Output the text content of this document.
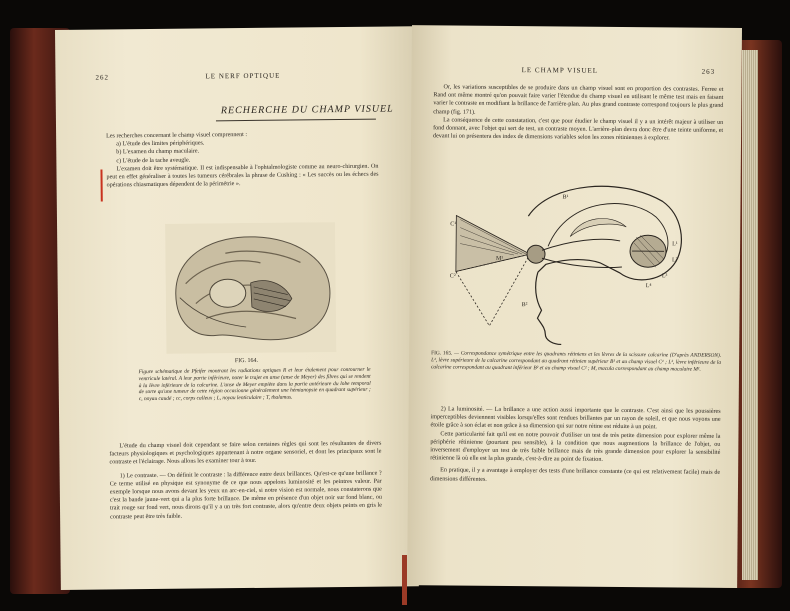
262	LE NERF OPTIQUE
RECHERCHE DU CHAMP VISUEL

Les recherches concernant le champ visuel comprennent :

a) L'étude des limites périphériques.

b) L'examen du champ maculaire.

c) L'étude de la tache aveugle.

L'examen doit être systématique. Il est indispensable à l'ophtalmologiste comme au neuro-chirurgien. On peut en effet généraliser à toutes les tumeurs cérébrales la phrase de Cushing : « Les succès ou les échecs des opérations chiasmatiques dépendent de la périmétrie ».

FIG. 164.
Figure schématique de Pfeifer montrant les radiations optiques R et leur étalement pour contourner le ventricule latéral. A leur partie inférieure, noter le trajet en anse (anse de Meyer) des fibres qui se rendent à la lèvre inférieure de la calcarine. L'anse de Meyer empiète dans la partie antérieure du lobe temporal de sorte qu'une tumeur de cette région occasionne généralement une hémianopsie en quadrant supérieur ; c, noyau caudé ; cc, corps calleux ; L, noyau lenticulaire ; T, thalamus.

L'étude du champ visuel doit cependant se faire selon certaines règles qui sont les résultantes de divers facteurs physiologiques et psychologiques appartenant à notre organe sensoriel, et dont les principaux sont le contraste et l'éclairage. Nous allons les examiner tour à tour.

1) Le contraste. — On définit le contraste : la différence entre deux brillances. Qu'est-ce qu'une brillance ? Ce terme utilisé en physique est synonyme de ce que nous appelons luminosité et les peintres valeur. Par exemple lorsque nous avons devant les yeux un arc-en-ciel, si notre vision est normale, nous constaterons que c'est la bande jaune-vert qui a la plus forte brillance. De même en présence d'un objet noir sur fond blanc, ou trait rouge sur fond vert, nous dirons qu'il y a un très fort contraste, alors qu'entre deux objets peints en gris le contraste peut être très faible.

LE CHAMP VISUEL	263

Or, les variations susceptibles de se produire dans un champ visuel sont en proportion des contrastes. Ferree et Rand ont même montré qu'on pouvait faire varier l'étendue du champ visuel en utilisant le même test mais en faisant varier le contraste en modifiant la brillance de l'arrière-plan. Au plus grand contraste correspond toujours le plus grand champ (fig. 171).

La conséquence de cette constatation, c'est que pour étudier le champ visuel il y a un intérêt majeur à utiliser un fond donnant, avec l'objet qui sert de test, un contraste moyen. L'arrière-plan devra donc être d'une teinte uniforme, et devant lui on présentera des index de dimensions variables selon les zones rétiniennes à explorer.

B¹
C¹
M¹
C²
B²
L¹
L²
L³
L⁴
FIG. 165. — Correspondance symétrique entre les quadrants rétiniens et les lèvres de la scissure calcarine (D'après ANDERSON). L¹, lèvre supérieure de la calcarine correspondant au quadrant rétinien supérieur B¹ et au champ visuel C¹ ; L², lèvre inférieure de la calcarine correspondant au quadrant inférieur B² et au champ visuel C² ; M, macula correspondant au champ maculaire M¹.

2) La luminosité. — La brillance a une action aussi importante que le contraste. C'est ainsi que les poussières imperceptibles deviennent visibles lorsqu'elles sont rendues brillantes par un rayon de soleil, et que nous voyons une étoile grâce à son éclat et non grâce à sa dimension qui sur notre rétine est réduite à un point.

Cette particularité fait qu'il est en notre pouvoir d'utiliser un test de très petite dimension pour explorer même la périphérie rétinienne (pourtant peu sensible), à la condition que nous augmentions la brillance de l'objet, ou inversement d'employer un test de très faible brillance mais de très grande dimension pour explorer la sensibilité rétinienne là où elle est la plus grande, c'est-à-dire au point de fixation.

En pratique, il y a avantage à employer des tests d'une brillance constante (ce qui est relativement facile) mais de dimensions différentes.
